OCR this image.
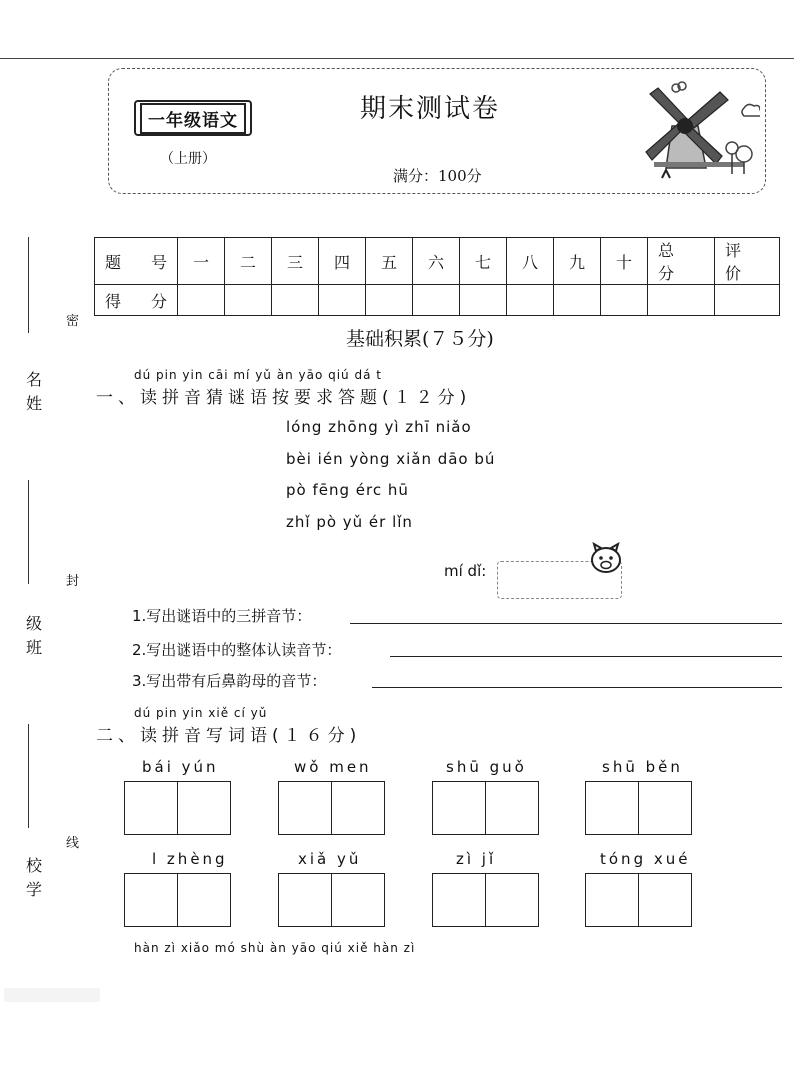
一年级语文
（上册）
期末测试卷
满分：100分
名姓
级班
校学
密
封
线
题　号	一	二	三	四	五	六	七	八	九	十	总　分	评　价
得　分												
基础积累(７５分)
dú pin yin cāi mí yǔ àn yāo qiú dá t
一、读拼音猜谜语按要求答题(１２分)
lóng zhōng yì zhī niǎo
bèi ién yòng xiǎn dāo bú
pò fēng érc hū
zhǐ pò yǔ ér lǐn
mí dǐ:
1.写出谜语中的三拼音节：
2.写出谜语中的整体认读音节：
3.写出带有后鼻韵母的音节：
dú pin yin xiě cí yǔ
二、读拼音写词语(１６分)
bái yún	wǒ men	shū guǒ	shū běn
l zhèng	xiǎ yǔ	zì jǐ	tóng xué
hàn zì xiǎo mó shù àn yāo qiú xiě hàn zì
